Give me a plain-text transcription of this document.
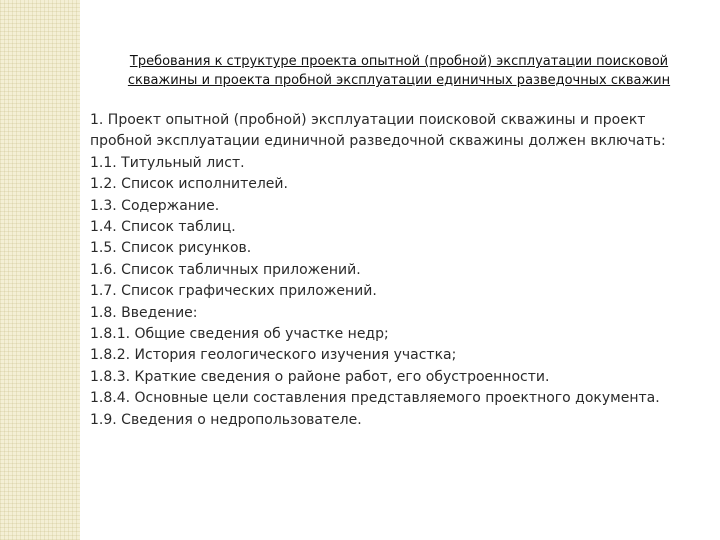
Требования к структуре проекта опытной (пробной) эксплуатации поисковой скважины и проекта пробной эксплуатации единичных разведочных скважин
1. Проект опытной (пробной) эксплуатации поисковой скважины и проект пробной эксплуатации единичной разведочной скважины должен включать:
1.1. Титульный лист.
1.2. Список исполнителей.
1.3. Содержание.
1.4. Список таблиц.
1.5. Список рисунков.
1.6. Список табличных приложений.
1.7. Список графических приложений.
1.8. Введение:
1.8.1. Общие сведения об участке недр;
1.8.2. История геологического изучения участка;
1.8.3. Краткие сведения о районе работ, его обустроенности.
1.8.4. Основные цели составления представляемого проектного документа.
1.9. Сведения о недропользователе.
